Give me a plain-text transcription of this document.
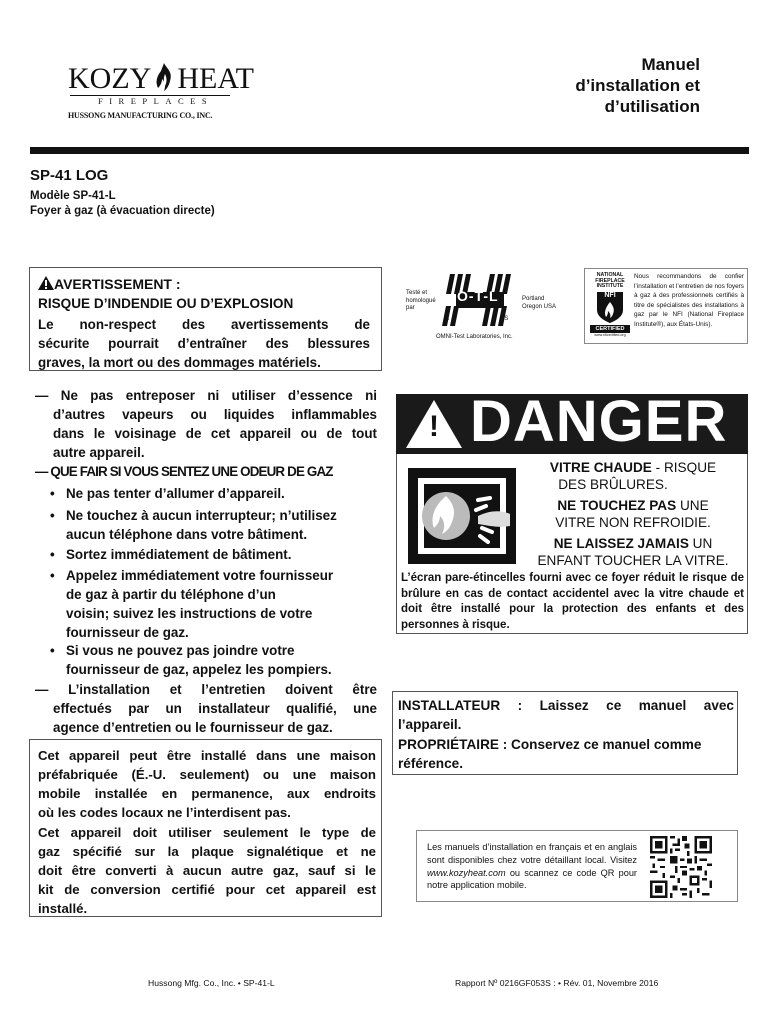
KOZY HEAT
FIREPLACES
HUSSONG MANUFACTURING CO., INC.
Manuel
d’installation et
d’utilisation
SP-41 LOG
Modèle SP-41-L
Foyer à gaz (à évacuation directe)
AVERTISSEMENT :
RISQUE D’INDENDIE OU D’EXPLOSION
Le non-respect des avertissements de
sécurite pourrait d’entraîner des blessures
graves, la mort ou des dommages matériels.
— Ne pas entreposer ni utiliser d’essence ni
d’autres vapeurs ou liquides inflammables
dans le voisinage de cet appareil ou de tout
autre appareil.
— QUE FAIR SI VOUS SENTEZ UNE ODEUR DE GAZ
• Ne pas tenter d’allumer d’appareil.
• Ne touchez à aucun interrupteur; n’utilisez
aucun téléphone dans votre bâtiment.
• Sortez immédiatement de bâtiment.
• Appelez immédiatement votre fournisseur
de gaz à partir du téléphone d’un
voisin; suivez les instructions de votre
fournisseur de gaz.
• Si vous ne pouvez pas joindre votre
fournisseur de gaz, appelez les pompiers.
— L’installation et l’entretien doivent être
effectués par un installateur qualifié, une
agence d’entretien ou le fournisseur de gaz.
Cet appareil peut être installé dans une maison
préfabriquée (É.-U. seulement) ou une maison
mobile installée en permanence, aux endroits
où les codes locaux ne l’interdisent pas.
Cet appareil doit utiliser seulement le type de
gaz spécifié sur la plaque signalétique et ne
doit être converti à aucun autre gaz, sauf si le
kit de conversion certifié pour cet appareil est
installé.
Testé et
homologué
par
O-T-L
C	US
Portland
Oregon USA
OMNI-Test Laboratories, Inc.
NATIONAL
FIREPLACE
INSTITUTE
NFI
CERTIFIED
www.nficertified.org
Nous recommandons de confier l’installation et l’entretien de nos foyers à gaz à des professionnels certifiés à titre de spécialistes des installations à gaz par le NFI (National Fireplace Institute®), aux États-Unis).
! DANGER
VITRE CHAUDE - RISQUE
DES BRÛLURES.
NE TOUCHEZ PAS UNE
VITRE NON REFROIDIE.
NE LAISSEZ JAMAIS UN
ENFANT TOUCHER LA VITRE.
L’écran pare-étincelles fourni avec ce foyer réduit le risque de brûlure en cas de contact accidentel avec la vitre chaude et doit être installé pour la protection des enfants et des personnes à risque.
INSTALLATEUR : Laissez ce manuel avec
l’appareil.
PROPRIÉTAIRE : Conservez ce manuel comme
référence.
Les manuels d’installation en français et en anglais sont disponibles chez votre détaillant local. Visitez www.kozyheat.com ou scannez ce code QR pour notre application mobile.
Hussong Mfg. Co., Inc. • SP-41-L	Rapport Nº 0216GF053S : • Rév. 01, Novembre 2016
